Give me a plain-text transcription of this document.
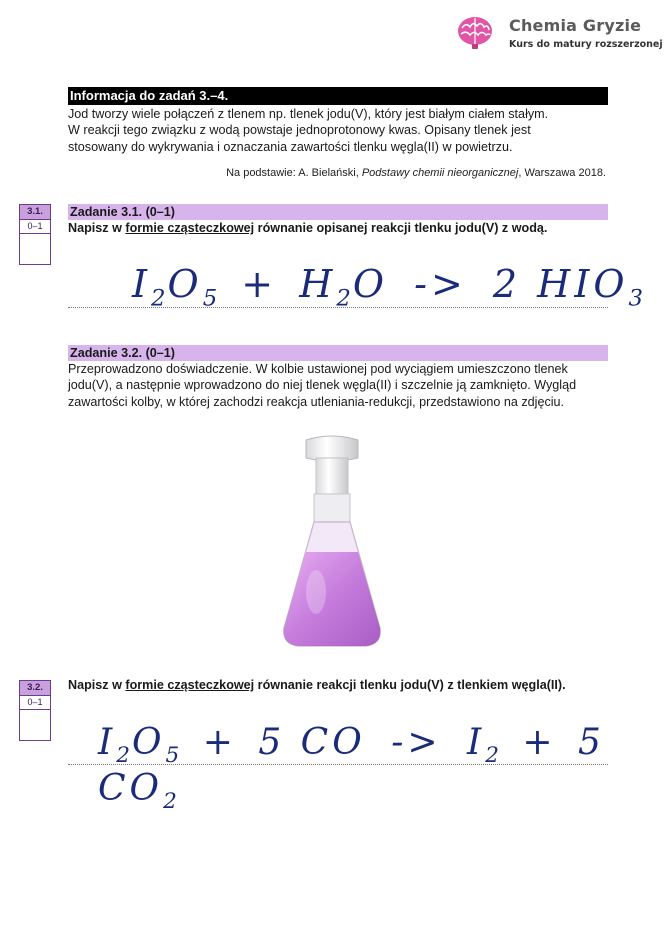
Chemia Gryzie
Kurs do matury rozszerzonej
Informacja do zadań 3.–4.
Jod tworzy wiele połączeń z tlenem np. tlenek jodu(V), który jest białym ciałem stałym.
W reakcji tego związku z wodą powstaje jednoprotonowy kwas. Opisany tlenek jest
stosowany do wykrywania i oznaczania zawartości tlenku węgla(II) w powietrzu.
Na podstawie: A. Bielański, Podstawy chemii nieorganicznej, Warszawa 2018.
3.1.
0–1
Zadanie 3.1. (0–1)
Napisz w formie cząsteczkowej równanie opisanej reakcji tlenku jodu(V) z wodą.
$I_2O_5 + H_2O -> 2$ $HIO_3$
Zadanie 3.2. (0–1)
Przeprowadzono doświadczenie. W kolbie ustawionej pod wyciągiem umieszczono tlenek
jodu(V), a następnie wprowadzono do niej tlenek węgla(II) i szczelnie ją zamknięto. Wygląd
zawartości kolby, w której zachodzi reakcja utleniania-redukcji, przedstawiono na zdjęciu.
3.2.
0–1
Napisz w formie cząsteczkowej równanie reakcji tlenku jodu(V) z tlenkiem węgla(II).
$I_2O_5 + 5$ CO -> $I_2 + 5$ $CO_2$
